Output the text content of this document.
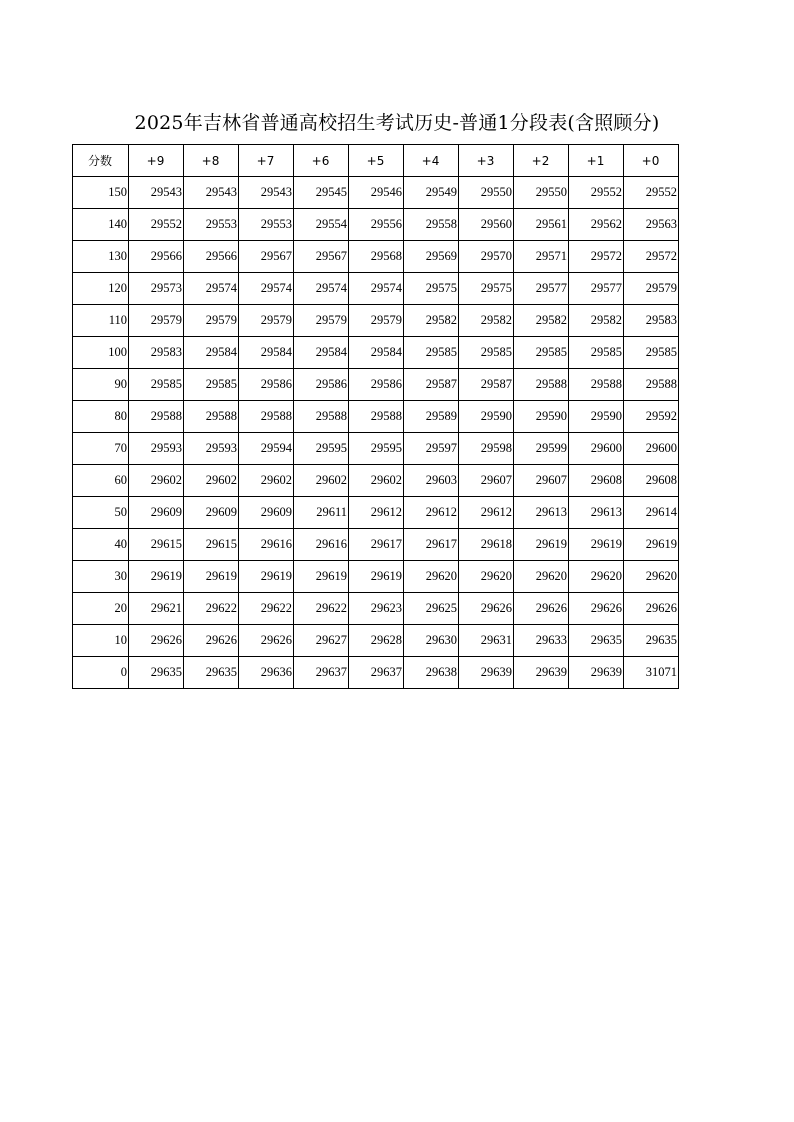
2025年吉林省普通高校招生考试历史-普通1分段表(含照顾分)
分数	+9	+8	+7	+6	+5	+4	+3	+2	+1	+0
150	29543	29543	29543	29545	29546	29549	29550	29550	29552	29552
140	29552	29553	29553	29554	29556	29558	29560	29561	29562	29563
130	29566	29566	29567	29567	29568	29569	29570	29571	29572	29572
120	29573	29574	29574	29574	29574	29575	29575	29577	29577	29579
110	29579	29579	29579	29579	29579	29582	29582	29582	29582	29583
100	29583	29584	29584	29584	29584	29585	29585	29585	29585	29585
90	29585	29585	29586	29586	29586	29587	29587	29588	29588	29588
80	29588	29588	29588	29588	29588	29589	29590	29590	29590	29592
70	29593	29593	29594	29595	29595	29597	29598	29599	29600	29600
60	29602	29602	29602	29602	29602	29603	29607	29607	29608	29608
50	29609	29609	29609	29611	29612	29612	29612	29613	29613	29614
40	29615	29615	29616	29616	29617	29617	29618	29619	29619	29619
30	29619	29619	29619	29619	29619	29620	29620	29620	29620	29620
20	29621	29622	29622	29622	29623	29625	29626	29626	29626	29626
10	29626	29626	29626	29627	29628	29630	29631	29633	29635	29635
0	29635	29635	29636	29637	29637	29638	29639	29639	29639	31071
